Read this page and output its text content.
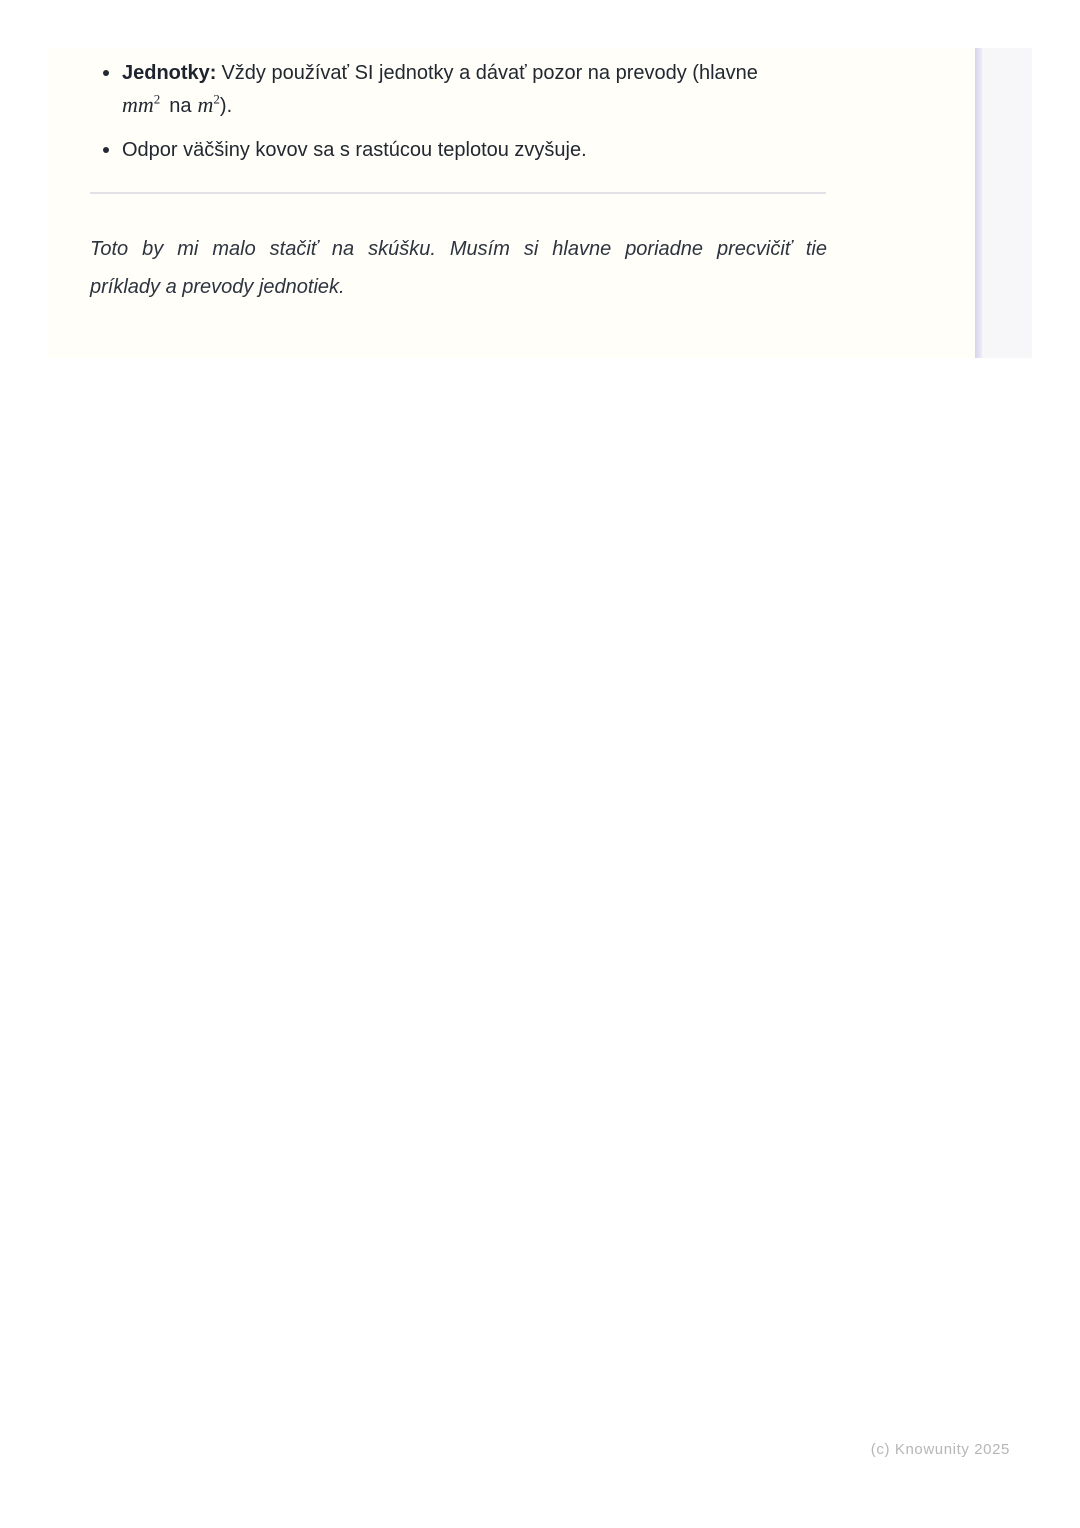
Jednotky: Vždy používať SI jednotky a dávať pozor na prevody (hlavne
$mm^2$ na $m^2$).
Odpor väčšiny kovov sa s rastúcou teplotou zvyšuje.
Toto by mi malo stačiť na skúšku. Musím si hlavne poriadne precvičiť tie
príklady a prevody jednotiek.
(c) Knowunity 2025
